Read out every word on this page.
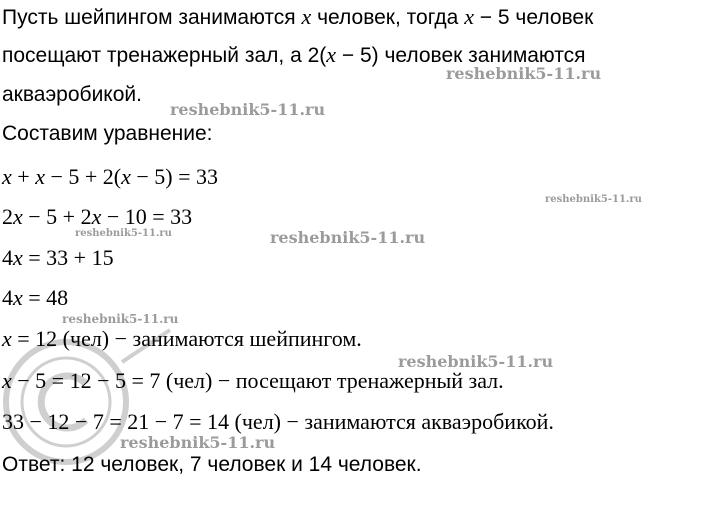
Пусть шейпингом занимаются x человек, тогда x − 5 человек
посещают тренажерный зал, а 2(x − 5) человек занимаются
акваэробикой.
Составим уравнение:
x + x − 5 + 2(x − 5) = 33
2x − 5 + 2x − 10 = 33
4x = 33 + 15
4x = 48
x = 12 (чел) − занимаются шейпингом.
x − 5 = 12 − 5 = 7 (чел) − посещают тренажерный зал.
33 − 12 − 7 = 21 − 7 = 14 (чел) − занимаются акваэробикой.
Ответ: 12 человек, 7 человек и 14 человек.
reshebnik5-11.ru
reshebnik5-11.ru
reshebnik5-11.ru
reshebnik5-11.ru	reshebnik5-11.ru
reshebnik5-11.ru
reshebnik5-11.ru
reshebnik5-11.ru
